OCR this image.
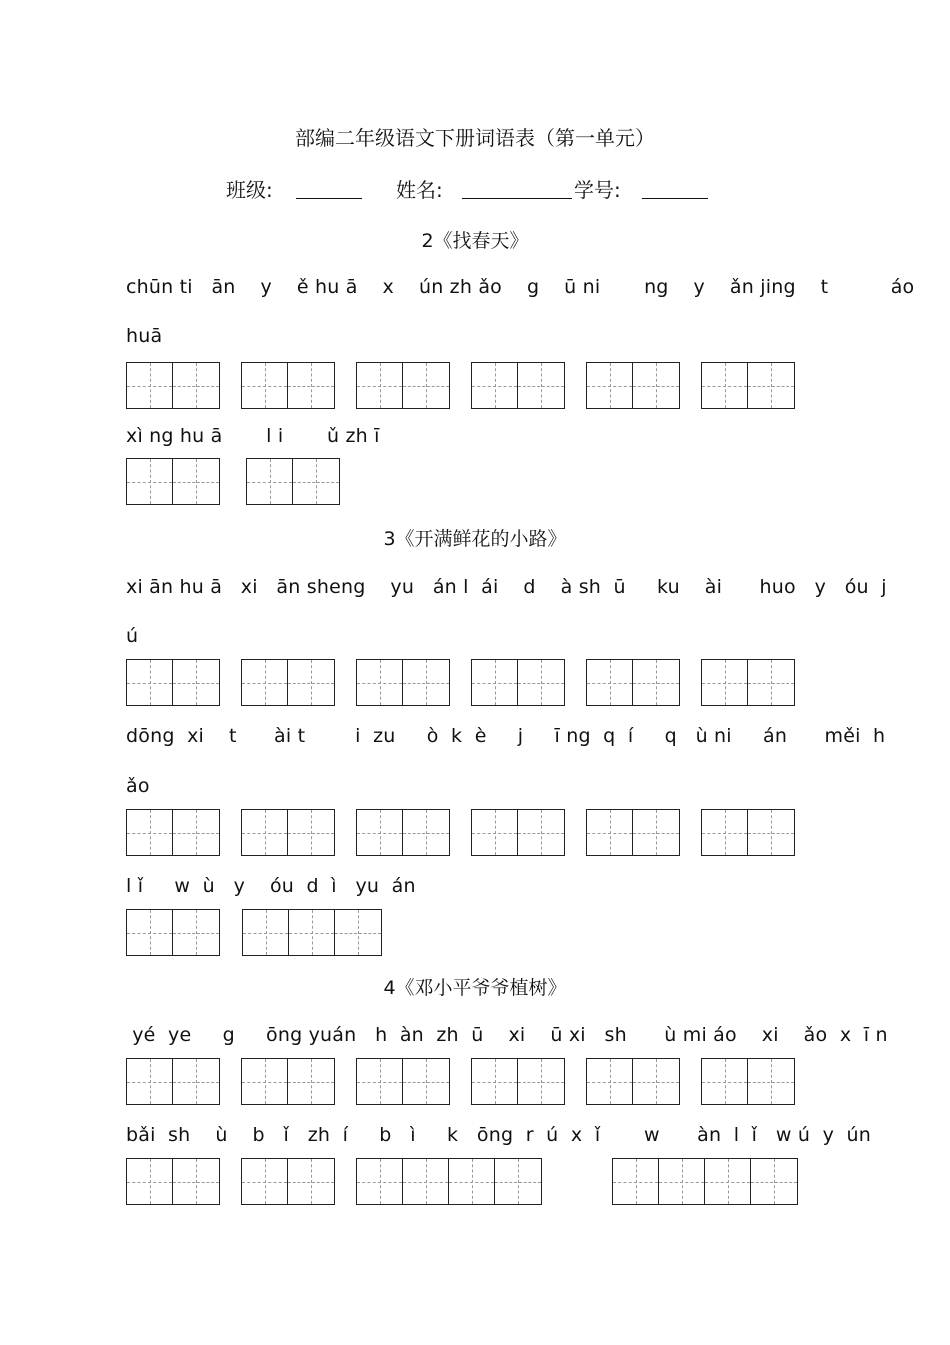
部编二年级语文下册词语表（第一单元）
班级:	姓名:	学号:
2《找春天》
chūn ti   ān    y    ě hu ā    x    ún zh ǎo    g    ū ni       ng    y    ǎn jing    t          áo
huā
xì ng hu ā       l i       ǔ zh ī
3《开满鲜花的小路》
xi ān hu ā   xi   ān sheng    yu   án l  ái    d    à sh  ū     ku    ài      huo   y   óu  j
ú
dōng  xi    t      ài t        i  zu     ò  k  è     j     ī ng  q  í     q   ù ni     án      měi  h
ǎo
l ǐ     w  ù   y    óu  d  ì   yu  án
4《邓小平爷爷植树》
yé  ye     g     ōng yuán   h  àn  zh  ū    xi    ū xi   sh      ù mi áo    xi    ǎo  x  ī n
bǎi  sh    ù    b   ǐ   zh  í     b   ì     k   ōng  r  ú  x  ǐ       w      àn  l  ǐ   w ú  y  ún
